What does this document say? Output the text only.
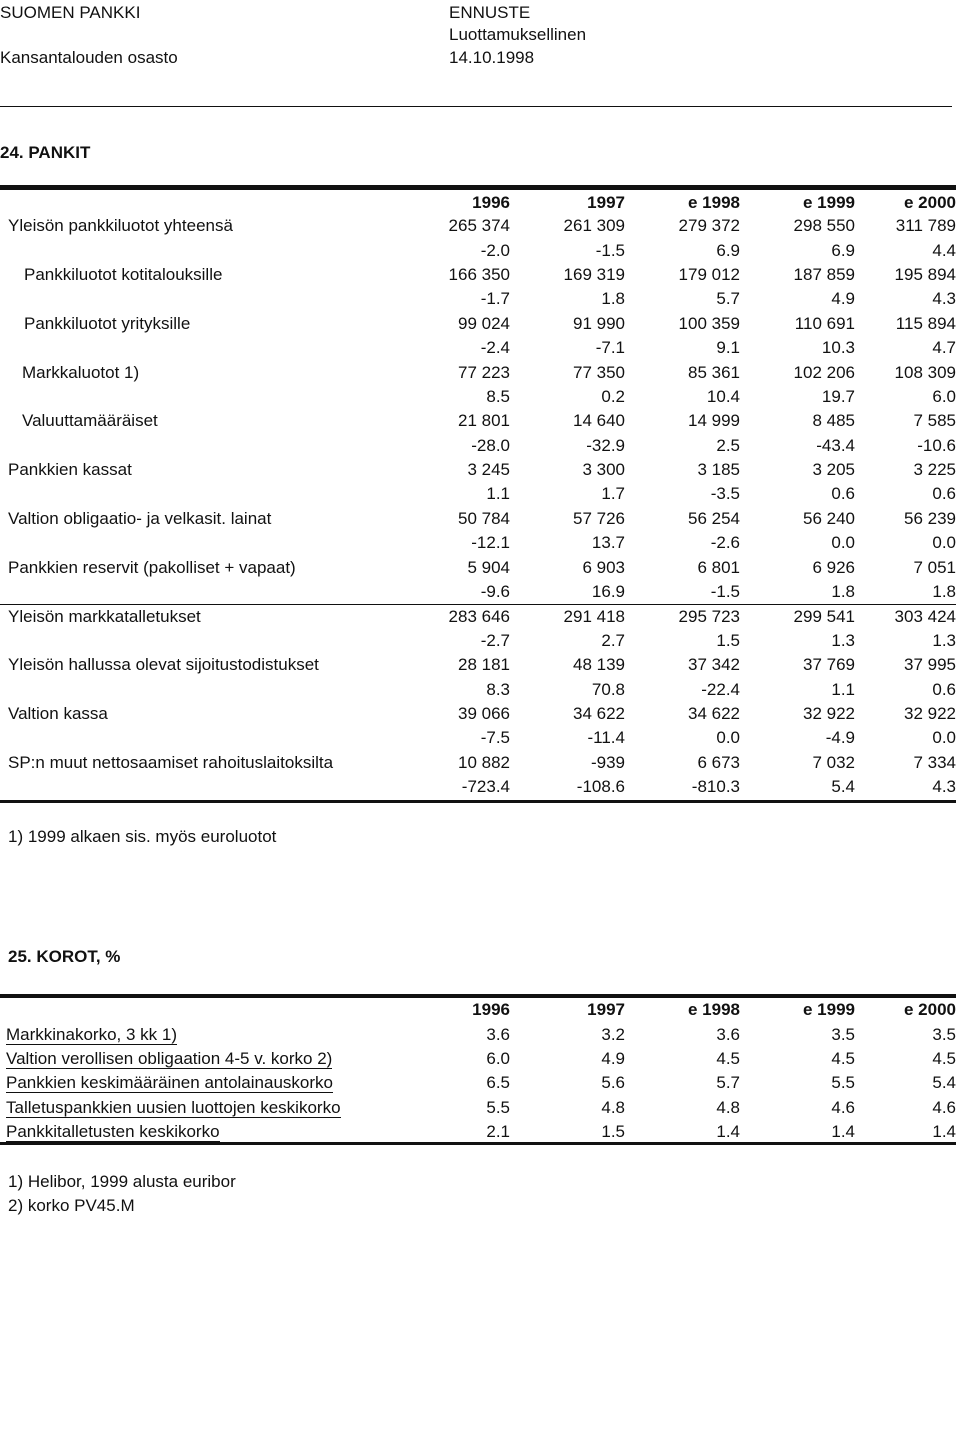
SUOMEN PANKKI
Kansantalouden osasto
ENNUSTE
Luottamuksellinen
14.10.1998
24. PANKIT
	1996	1997	e 1998	e 1999	e 2000
Yleisön pankkiluotot yhteensä	265 374	261 309	279 372	298 550	311 789
	-2.0	-1.5	6.9	6.9	4.4
Pankkiluotot kotitalouksille	166 350	169 319	179 012	187 859	195 894
	-1.7	1.8	5.7	4.9	4.3
Pankkiluotot yrityksille	99 024	91 990	100 359	110 691	115 894
	-2.4	-7.1	9.1	10.3	4.7
Markkaluotot 1)	77 223	77 350	85 361	102 206	108 309
	8.5	0.2	10.4	19.7	6.0
Valuuttamääräiset	21 801	14 640	14 999	8 485	7 585
	-28.0	-32.9	2.5	-43.4	-10.6
Pankkien kassat	3 245	3 300	3 185	3 205	3 225
	1.1	1.7	-3.5	0.6	0.6
Valtion obligaatio- ja velkasit. lainat	50 784	57 726	56 254	56 240	56 239
	-12.1	13.7	-2.6	0.0	0.0
Pankkien reservit (pakolliset + vapaat)	5 904	6 903	6 801	6 926	7 051
	-9.6	16.9	-1.5	1.8	1.8
Yleisön markkatalletukset	283 646	291 418	295 723	299 541	303 424
	-2.7	2.7	1.5	1.3	1.3
Yleisön hallussa olevat sijoitustodistukset	28 181	48 139	37 342	37 769	37 995
	8.3	70.8	-22.4	1.1	0.6
Valtion kassa	39 066	34 622	34 622	32 922	32 922
	-7.5	-11.4	0.0	-4.9	0.0
SP:n muut nettosaamiset rahoituslaitoksilta	10 882	-939	6 673	7 032	7 334
	-723.4	-108.6	-810.3	5.4	4.3
1) 1999 alkaen sis. myös euroluotot
25. KOROT, %
	1996	1997	e 1998	e 1999	e 2000
Markkinakorko, 3 kk 1)	3.6	3.2	3.6	3.5	3.5
Valtion verollisen obligaation 4-5 v. korko 2)	6.0	4.9	4.5	4.5	4.5
Pankkien keskimääräinen antolainauskorko	6.5	5.6	5.7	5.5	5.4
Talletuspankkien uusien luottojen keskikorko	5.5	4.8	4.8	4.6	4.6
Pankkitalletusten keskikorko	2.1	1.5	1.4	1.4	1.4
1) Helibor, 1999 alusta euribor
2) korko PV45.M
